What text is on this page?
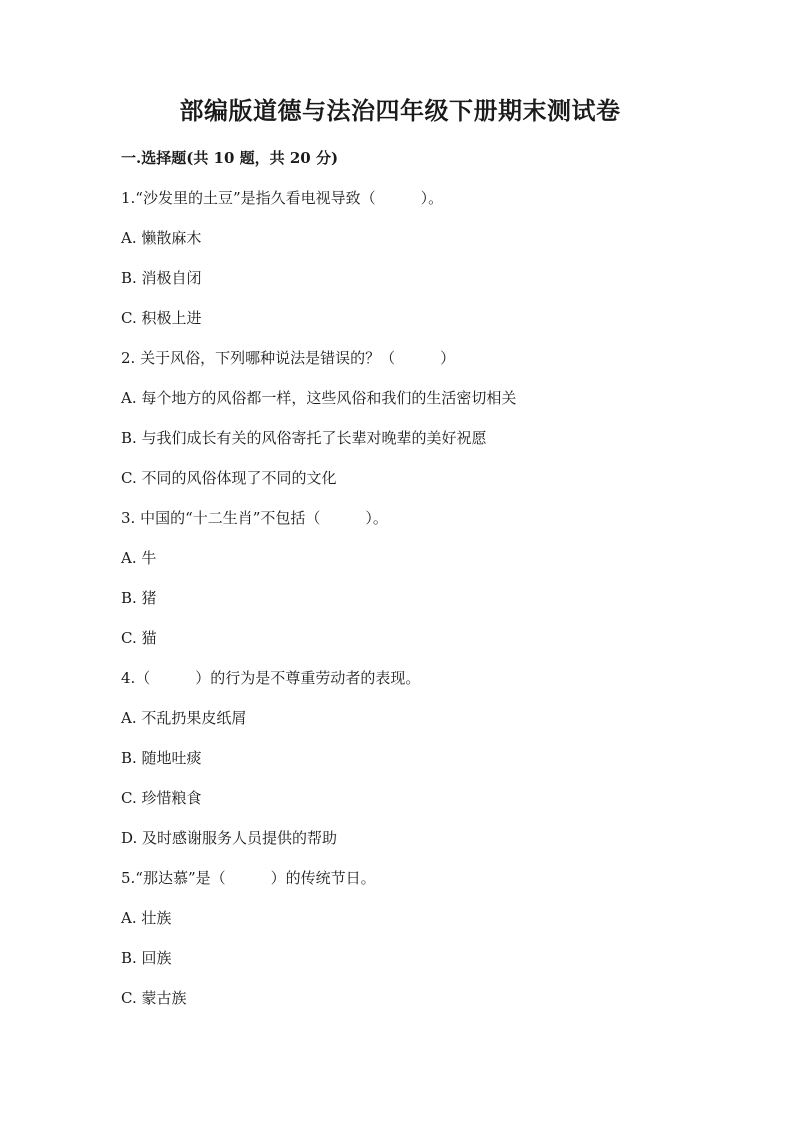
部编版道德与法治四年级下册期末测试卷
一.选择题(共 10 题，共 20 分)
1.“沙发里的土豆”是指久看电视导致（　　　）。
A. 懒散麻木
B. 消极自闭
C. 积极上进
2. 关于风俗，下列哪种说法是错误的？（　　　）
A. 每个地方的风俗都一样，这些风俗和我们的生活密切相关
B. 与我们成长有关的风俗寄托了长辈对晚辈的美好祝愿
C. 不同的风俗体现了不同的文化
3. 中国的“十二生肖”不包括（　　　）。
A. 牛
B. 猪
C. 猫
4.（　　　）的行为是不尊重劳动者的表现。
A. 不乱扔果皮纸屑
B. 随地吐痰
C. 珍惜粮食
D. 及时感谢服务人员提供的帮助
5.“那达慕”是（　　　）的传统节日。
A. 壮族
B. 回族
C. 蒙古族
